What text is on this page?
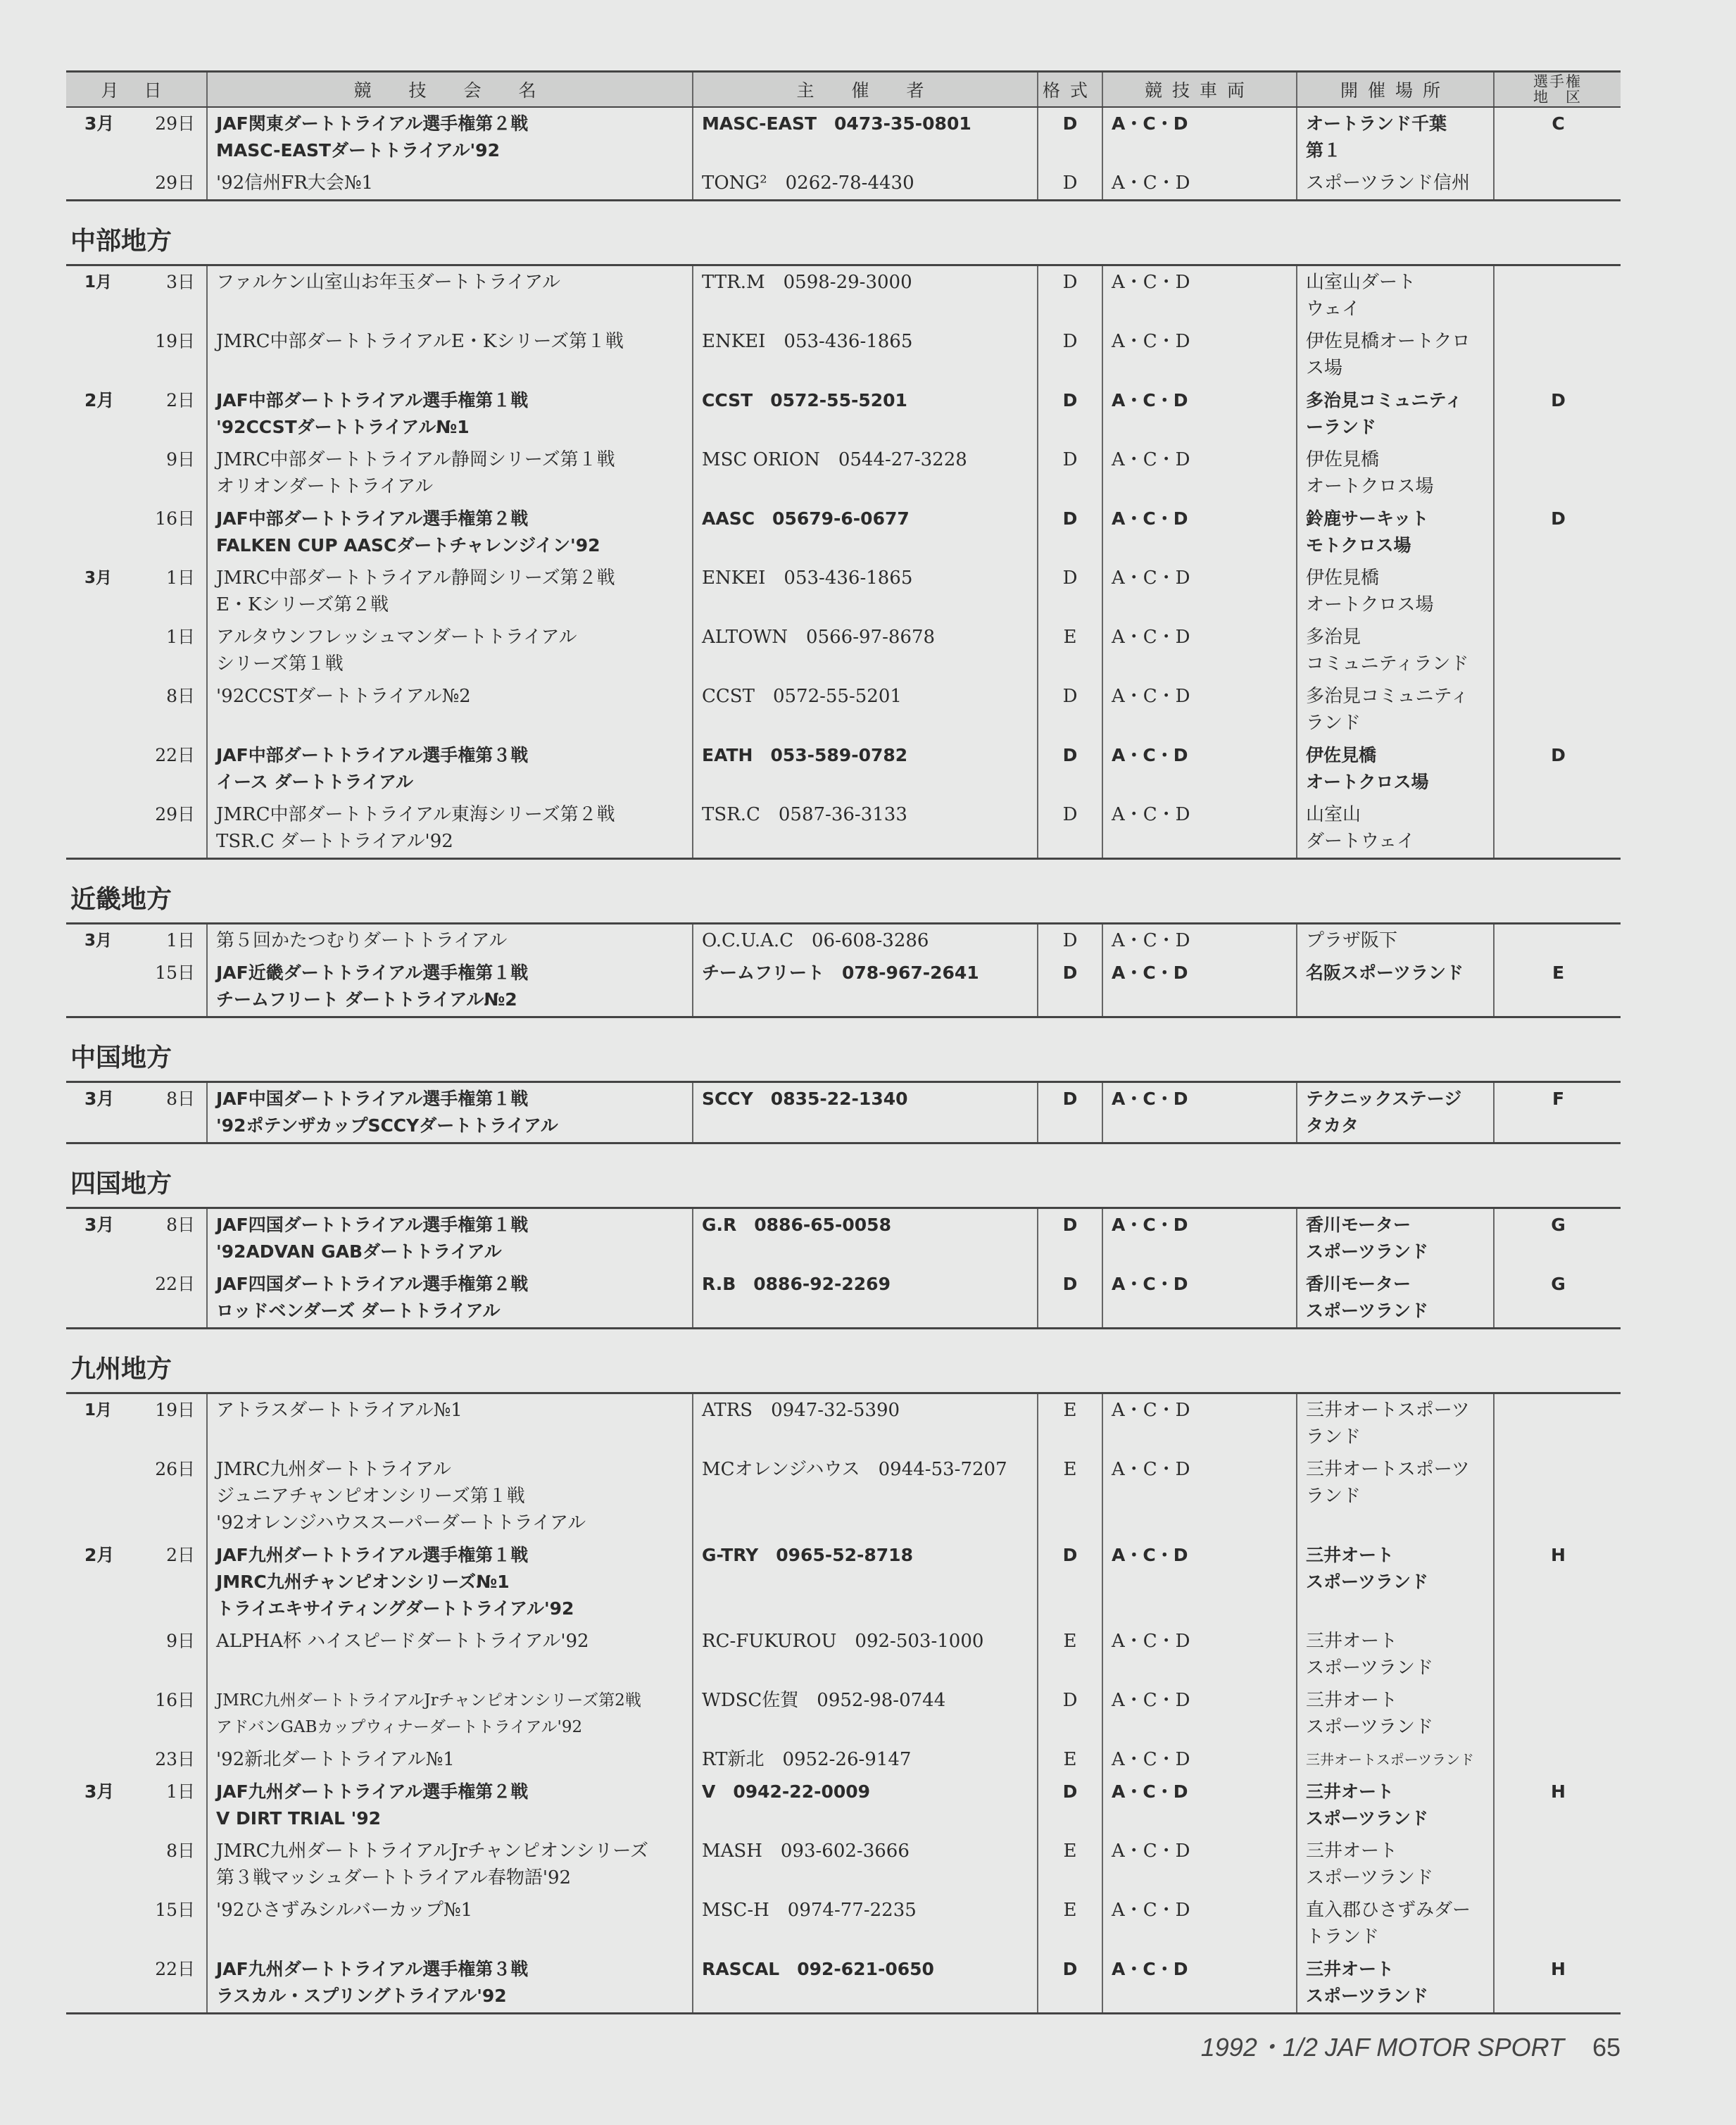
月 日		競　技　会　名	主　催　者	格式	競技車両	開催場所	選手権
地　区
3月	29日	JAF関東ダートトライアル選手権第２戦
MASC-EASTダートトライアル'92	MASC-EAST　0473-35-0801	D	A・C・D	オートランド千葉
第１	C
	29日	'92信州FR大会№1	TONG²　0262-78-4430	D	A・C・D	スポーツランド信州	
中部地方
1月	3日	ファルケン山室山お年玉ダートトライアル	TTR.M　0598-29-3000	D	A・C・D	山室山ダート
ウェイ	
	19日	JMRC中部ダートトライアルE・Kシリーズ第１戦	ENKEI　053-436-1865	D	A・C・D	伊佐見橋オートクロ
ス場	
2月	2日	JAF中部ダートトライアル選手権第１戦
'92CCSTダートトライアル№1	CCST　0572-55-5201	D	A・C・D	多治見コミュニティ
ーランド	D
	9日	JMRC中部ダートトライアル静岡シリーズ第１戦
オリオンダートトライアル	MSC ORION　0544-27-3228	D	A・C・D	伊佐見橋
オートクロス場	
	16日	JAF中部ダートトライアル選手権第２戦
FALKEN CUP AASCダートチャレンジイン'92	AASC　05679-6-0677	D	A・C・D	鈴鹿サーキット
モトクロス場	D
3月	1日	JMRC中部ダートトライアル静岡シリーズ第２戦
E・Kシリーズ第２戦	ENKEI　053-436-1865	D	A・C・D	伊佐見橋
オートクロス場	
	1日	アルタウンフレッシュマンダートトライアル
シリーズ第１戦	ALTOWN　0566-97-8678	E	A・C・D	多治見
コミュニティランド	
	8日	'92CCSTダートトライアル№2	CCST　0572-55-5201	D	A・C・D	多治見コミュニティ
ランド	
	22日	JAF中部ダートトライアル選手権第３戦
イース ダートトライアル	EATH　053-589-0782	D	A・C・D	伊佐見橋
オートクロス場	D
	29日	JMRC中部ダートトライアル東海シリーズ第２戦
TSR.C ダートトライアル'92	TSR.C　0587-36-3133	D	A・C・D	山室山
ダートウェイ	
近畿地方
3月	1日	第５回かたつむりダートトライアル	O.C.U.A.C　06-608-3286	D	A・C・D	プラザ阪下	
	15日	JAF近畿ダートトライアル選手権第１戦
チームフリート ダートトライアル№2	チームフリート　078-967-2641	D	A・C・D	名阪スポーツランド	E
中国地方
3月	8日	JAF中国ダートトライアル選手権第１戦
'92ポテンザカップSCCYダートトライアル	SCCY　0835-22-1340	D	A・C・D	テクニックステージ
タカタ	F
四国地方
3月	8日	JAF四国ダートトライアル選手権第１戦
'92ADVAN GABダートトライアル	G.R　0886-65-0058	D	A・C・D	香川モーター
スポーツランド	G
	22日	JAF四国ダートトライアル選手権第２戦
ロッドベンダーズ ダートトライアル	R.B　0886-92-2269	D	A・C・D	香川モーター
スポーツランド	G
九州地方
1月	19日	アトラスダートトライアル№1	ATRS　0947-32-5390	E	A・C・D	三井オートスポーツ
ランド	
	26日	JMRC九州ダートトライアル
ジュニアチャンピオンシリーズ第１戦
'92オレンジハウススーパーダートトライアル	MCオレンジハウス　0944-53-7207	E	A・C・D	三井オートスポーツ
ランド	
2月	2日	JAF九州ダートトライアル選手権第１戦
JMRC九州チャンピオンシリーズ№1
トライエキサイティングダートトライアル'92	G-TRY　0965-52-8718	D	A・C・D	三井オート
スポーツランド	H
	9日	ALPHA杯 ハイスピードダートトライアル'92	RC-FUKUROU　092-503-1000	E	A・C・D	三井オート
スポーツランド	
	16日	JMRC九州ダートトライアルJrチャンピオンシリーズ第2戦
アドバンGABカップウィナーダートトライアル'92	WDSC佐賀　0952-98-0744	D	A・C・D	三井オート
スポーツランド	
	23日	'92新北ダートトライアル№1	RT新北　0952-26-9147	E	A・C・D	三井オートスポーツランド	
3月	1日	JAF九州ダートトライアル選手権第２戦
V DIRT TRIAL '92	V　0942-22-0009	D	A・C・D	三井オート
スポーツランド	H
	8日	JMRC九州ダートトライアルJrチャンピオンシリーズ
第３戦マッシュダートトライアル春物語'92	MASH　093-602-3666	E	A・C・D	三井オート
スポーツランド	
	15日	'92ひさずみシルバーカップ№1	MSC-H　0974-77-2235	E	A・C・D	直入郡ひさずみダー
トランド	
	22日	JAF九州ダートトライアル選手権第３戦
ラスカル・スプリングトライアル'92	RASCAL　092-621-0650	D	A・C・D	三井オート
スポーツランド	H
1992・1/2 JAF MOTOR SPORT 65
